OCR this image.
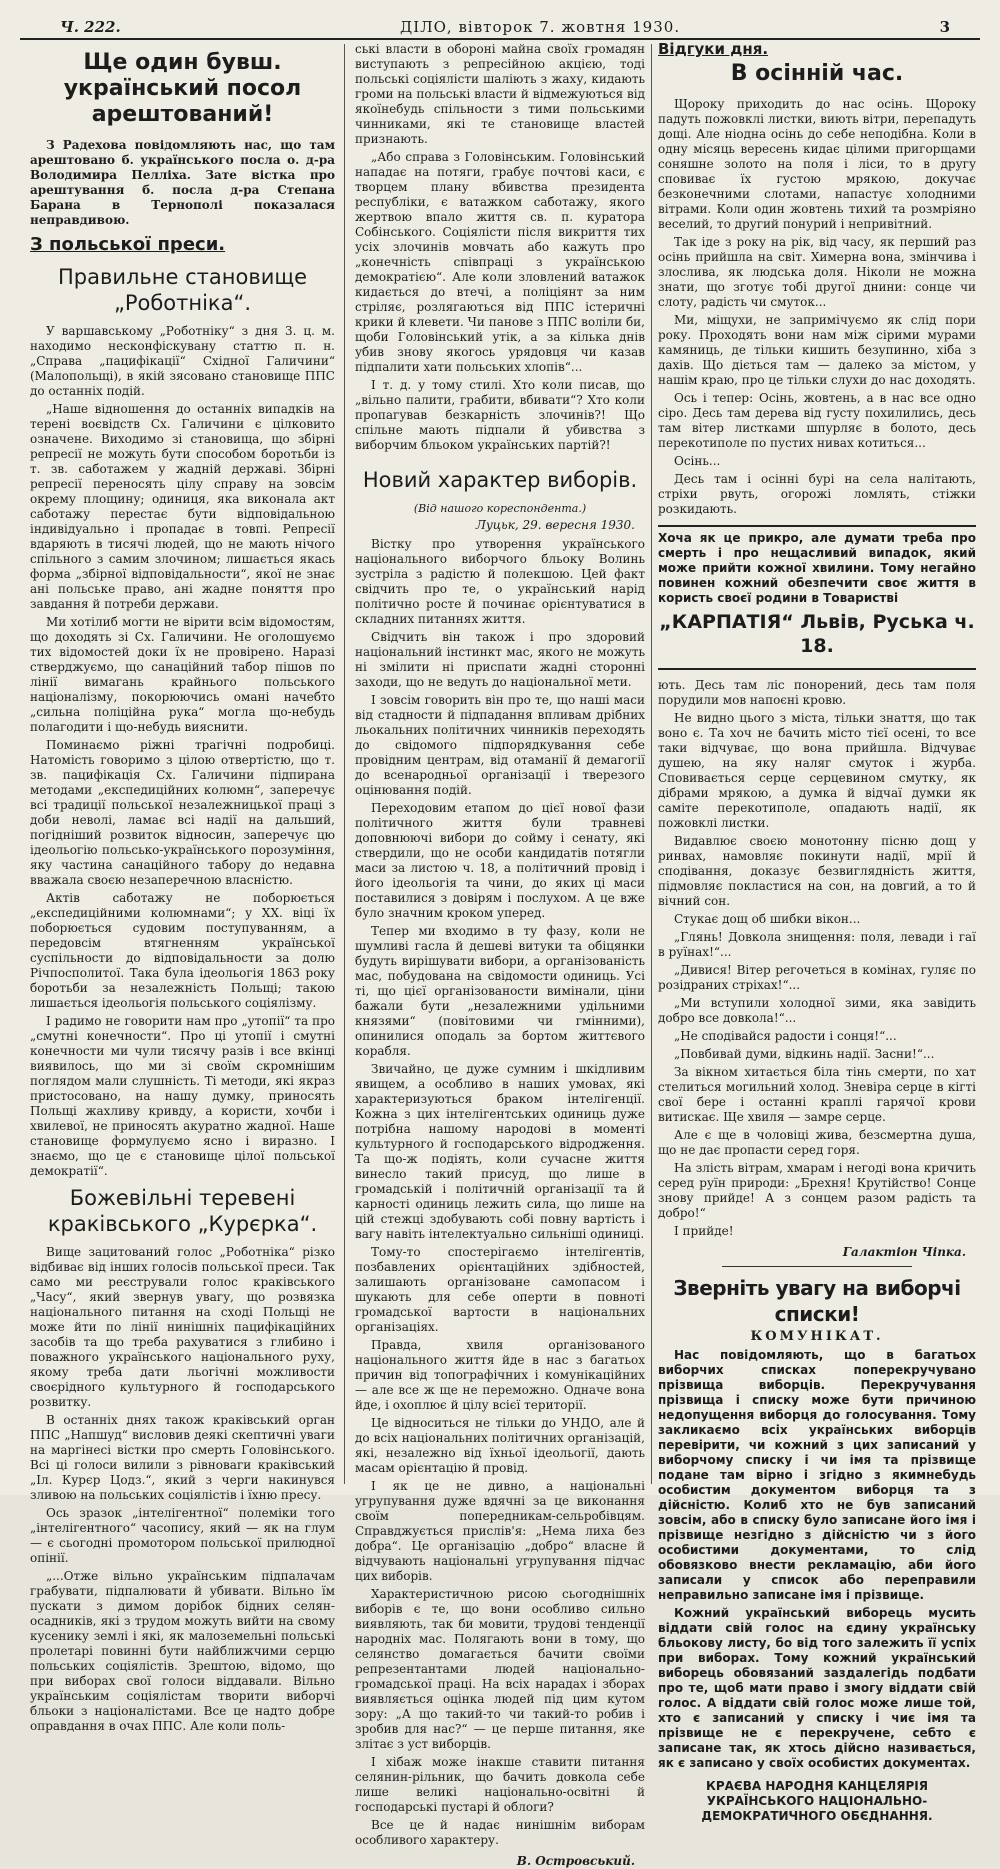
Ч. 222.	ДІЛО, вівторок 7. жовтня 1930.	3
Ще один бувш. український посол арештований!

З Радехова повідомляють нас, що там арештовано б. українського посла о. д-ра Володимира Пелліха. Зате вістка про арештування б. посла д-ра Степана Барана в Тернополі показалася неправдивою.

З польської преси.
Правильне становище „Роботніка“.

У варшавському „Роботніку“ з дня 3. ц. м. находимо несконфіскувану статтю п. н. „Справа „пацифікації“ Східної Галичини“ (Малопольщі), в якій зясовано становище ППС до останніх подій.

„Наше відношення до останніх випадків на терені воєвідств Сх. Галичини є цілковито означене. Виходимо зі становища, що збірні репресії не можуть бути способом боротьби із т. зв. саботажем у жадній державі. Збірні репресії переносять цілу справу на зовсім окрему площину; одиниця, яка виконала акт саботажу перестає бути відповідальною індивідуально і пропадає в товпі. Репресії вдаряють в тисячі людей, що не мають нічого спільного з самим злочином; лишається якась форма „збірної відповідальности“, якої не знає ані польське право, ані жадне поняття про завдання й потреби держави.

Ми хотілиб могти не вірити всім відомостям, що доходять зі Сх. Галичини. Не оголошуємо тих відомостей доки їх не провірено. Наразі стверджуємо, що санаційний табор пішов по лінії вимагань крайнього польського націоналізму, покорюючись омані начебто „сильна поліційна рука“ могла що-небудь полагодити і що-небудь вияснити.

Поминаємо ріжні трагічні подробиці. Натомість говоримо з цілою отвертістю, що т. зв. пацифікація Сх. Галичини підпирана методами „експедиційних колюмн“, заперечує всі традиції польської незалежницької праці з доби неволі, ламає всі надії на дальший, погідніший розвиток відносин, заперечує цю ідеольогію польсько-українського порозуміння, яку частина санаційного табору до недавна вважала своєю незаперечною власністю.

Актів саботажу не поборюється „експедиційними колюмнами“; у XX. віці їх поборюється судовим поступуванням, а передовсім втягненням української суспільности до відповідальности за долю Річпосполитої. Така була ідеольогія 1863 року боротьби за незалежність Польщі; такою лишається ідеольогія польського соціялізму.

І радимо не говорити нам про „утопії“ та про „смутні конечности“. Про ці утопії і смутні конечности ми чули тисячу разів і все вкінці виявилось, що ми зі своїм скромнішим поглядом мали слушність. Ті методи, які якраз пристосовано, на нашу думку, приносять Польщі жахливу кривду, а користи, хочби і хвилевої, не приносять акуратно жадної. Наше становище формулуємо ясно і виразно. І знаємо, що це є становище цілої польської демократії“.

Божевільні теревені краківського „Курєрка“.

Вище зацитований голос „Роботніка“ різко відбиває від інших голосів польської преси. Так само ми реєстрували голос краківського „Часу“, який звернув увагу, що розвязка національного питання на сході Польщі не може йти по лінії нинішніх пацифікаційних засобів та що треба рахуватися з глибино і поважного українського національного руху, якому треба дати льогічні можливости своєрідного культурного й господарського розвитку.

В останніх днях також краківський орган ППС „Напшуд“ висловив деякі скептичні уваги на маргінесі вістки про смерть Головінського. Всі ці голоси вилили з рівноваги краківський „Іл. Курєр Цодз.“, який з черги накинувся зливою на польських соціялістів і їхню пресу.

Ось зразок „інтелігентної“ полеміки того „інтелігентного“ часопису, який — як на глум — є сьогодні промотором польської прилюдної опінії.

„...Отже вільно українським підпалачам грабувати, підпалювати й убивати. Вільно їм пускати з димом дорібок бідних селян-осадників, які з трудом можуть вийти на свому кусенику землі і які, як малоземельні польські пролетарі повинні бути найближчими серцю польських соціялістів. Зрештою, відомо, що при виборах свої голоси віддавали. Вільно українським соціялістам творити виборчі бльоки з націоналістами. Все це надто добре оправдання в очах ППС. Але коли поль-

ські власти в обороні майна своїх громадян виступають з репресійною акцією, тоді польські соціялісти шаліють з жаху, кидають громи на польські власти й відмежуються від якоїнебудь спільности з тими польськими чинниками, які те становище властей признають.

„Або справа з Головінським. Головінський нападає на потяги, грабує почтові каси, є творцем плану вбивства президента республіки, є ватажком саботажу, якого жертвою впало життя св. п. куратора Собінського. Соціялісти після викриття тих усіх злочинів мовчать або кажуть про „конечність співпраці з українською демократією“. Але коли зловлений ватажок кидається до втечі, а поліціянт за ним стріляє, розлягаються від ППС істеричні крики й клевети. Чи панове з ППС воліли би, щоби Головінський утік, а за кілька днів убив знову якогось урядовця чи казав підпалити хати польських хлопів“...

І т. д. у тому стилі. Хто коли писав, що „вільно палити, грабити, вбивати“? Хто коли пропагував безкарність злочинів?! Що спільне мають підпали й убивства з виборчим бльоком українських партій?!

Новий характер виборів.
(Від нашого кореспондента.)
Луцьк, 29. вересня 1930.

Вістку про утворення українського національного виборчого бльоку Волинь зустріла з радістю й полекшою. Цей факт свідчить про те, о український нарід політично росте й починає орієнтуватися в складних питаннях життя.

Свідчить він також і про здоровий національний інстинкт мас, якого не можуть ні змілити ні приспати жадні сторонні заходи, що не ведуть до національної мети.

І зовсім говорить він про те, що наші маси від стадности й підпадання впливам дрібних льокальних політичних чинників переходять до свідомого підпорядкування себе провідним центрам, від отаманії й демагогії до всенародньої організації і тверезого оцінювання подій.

Переходовим етапом до цієї нової фази політичного життя були травневі доповнюючі вибори до сойму і сенату, які ствердили, що не особи кандидатів потягли маси за листою ч. 18, а політичний провід і його ідеольогія та чини, до яких ці маси поставилися з довірям і послухом. А це вже було значним кроком уперед.

Тепер ми входимо в ту фазу, коли не шумливі гасла й дешеві витуки та обіцянки будуть вирішувати вибори, а організованість мас, побудована на свідомости одиниць. Усі ті, що цієї організованости вимінали, ціни бажали бути „незалежними удільними князями“ (повітовими чи гмінними), опинилися оподаль за бортом життєвого корабля.

Звичайно, це дуже сумним і шкідливим явищем, а особливо в наших умовах, які характеризуються браком інтелігенції. Кожна з цих інтелігентських одиниць дуже потрібна нашому народові в моменті культурного й господарського відродження. Та що-ж подіять, коли сучасне життя винесло такий присуд, що лише в громадській і політичній організації та й карності одиниць лежить сила, що лише на цій стежці здобувають собі повну вартість і вагу навіть інтелектуально сильніші одиниці.

Тому-то спостерігаємо інтелігентів, позбавлених орієнтаційних здібностей, залишають організоване самопасом і шукають для себе оперти в повноті громадської вартости в національних організаціях.

Правда, хвиля організованого національного життя йде в нас з багатьох причин від топографічних і комунікаційних — але все ж ще не переможно. Одначе вона йде, і охоплює й цілу всієї території.

Це відноситься не тільки до УНДО, але й до всіх національних політичних організацій, які, незалежно від їхньої ідеольогії, дають масам орієнтацію й провід.

І як це не дивно, а національні угрупування дуже вдячні за це виконання своїм попередникам-сельробівцям. Справджується прислів'я: „Нема лиха без добра“. Це організацію „добро“ власне й відчувають національні угрупування підчас цих виборів.

Характеристичною рисою сьогоднішніх виборів є те, що вони особливо сильно виявляють, так би мовити, трудові тенденції народніх мас. Полягають вони в тому, що селянство домагається бачити своїми репрезентантами людей національно-громадської праці. На всіх нарадах і зборах виявляється оцінка людей під цим кутом зору: „А що такий-то чи такий-то робив і зробив для нас?“ — це перше питання, яке злітає з уст виборців.

І хібаж може інакше ставити питання селянин-рільник, що бачить довкола себе лише великі національно-освітні й господарські пустарі й облоги?

Все це й надає нинішнім виборам особливого характеру.

В. Островський.
Відгуки дня.
В осінній час.

Щороку приходить до нас осінь. Щороку падуть пожовклі листки, виють вітри, перепадуть дощі. Але ніодна осінь до себе неподібна. Коли в одну місяць вересень кидає цілими пригорщами соняшне золото на поля і ліси, то в другу сповиває їх густою мрякою, докучає безконечними слотами, напастує холодними вітрами. Коли один жовтень тихий та розмріяно веселий, то другий понурий і непривітний.

Так іде з року на рік, від часу, як перший раз осінь прийшла на світ. Химерна вона, змінчива і злослива, як людська доля. Ніколи не можна знати, що зготує тобі другої днини: сонце чи слоту, радість чи смуток...

Ми, міщухи, не запримічуємо як слід пори року. Проходять вони нам між сірими мурами камяниць, де тільки кишить безупинно, хіба з дахів. Що діється там — далеко за містом, у нашім краю, про це тільки слухи до нас доходять.

Ось і тепер: Осінь, жовтень, а в нас все одно сіро. Десь там дерева від густу похилились, десь там вітер листками шпурляє в болото, десь перекотиполе по пустих нивах котиться...

Осінь...

Десь там і осінні бурі на села налітають, стріхи рвуть, огорожі ломлять, стіжки розкидають.

Хоча як це прикро, але думати треба про смерть і про нещасливий випадок, який може прийти кожної хвилини. Тому негайно повинен кожний обезпечити своє життя в користь своєї родини в Товаристві
„КАРПАТІЯ“ Львів, Руська ч. 18.

ють. Десь там ліс понорений, десь там поля порудили мов напоєні кровю.

Не видно цього з міста, тільки знаття, що так воно є. Та хоч не бачить місто тієї осені, то все таки відчуває, що вона прийшла. Відчуває душею, на яку наляг смуток і журба. Сповивається серце серцевином смутку, як дібрами мрякою, а думка й відчаї думки як саміте перекотиполе, опадають надії, як пожовклі листки.

Видавлює своєю монотонну пісню дощ у ринвах, намовляє покинути надії, мрії й сподівання, доказує безвиглядність життя, підмовляє покластися на сон, на довгий, а то й вічний сон.

Стукає дощ об шибки вікон...

„Глянь! Довкола знищення: поля, левади і гаї в руїнах!“...

„Дивися! Вітер регочеться в комінах, гуляє по розідраних стріхах!“...

„Ми вступили холодної зими, яка завідить добро все довкола!“...

„Не сподівайся радости і сонця!“...

„Повбивай думи, відкинь надії. Засни!“...

За вікном хитається біла тінь смерти, по хат стелиться могильний холод. Зневіра серце в кігті свої бере і останні краплі гарячої крови витискає. Ще хвиля — замре серце.

Але є ще в чоловіці жива, безсмертна душа, що не дає пропасти серед горя.

На злість вітрам, хмарам і негоді вона кричить серед руїн природи: „Брехня! Крутійство! Сонце знову прийде! А з сонцем разом радість та добро!“

І прийде!

Галактіон Чіпка.
Зверніть увагу на виборчі списки!
КОМУНІКАТ.

Нас повідомляють, що в багатьох виборчих списках поперекручувано прізвища виборців. Перекручування прізвища і списку може бути причиною недопущення виборця до голосування. Тому закликаємо всіх українських виборців перевірити, чи кожний з цих записаний у виборчому списку і чи імя та прізвище подане там вірно і згідно з якимнебудь особистим документом виборця та з дійсністю. Колиб хто не був записаний зовсім, або в списку було записане його імя і прізвище незгідно з дійсністю чи з його особистими документами, то слід обовязково внести рекламацію, аби його записали у список або переправили неправильно записане імя і прізвище.

Кожний український виборець мусить віддати свій голос на єдину українську бльокову листу, бо від того залежить її успіх при виборах. Тому кожний український виборець обовязаний заздалегідь подбати про те, щоб мати право і змогу віддати свій голос. А віддати свій голос може лише той, хто є записаний у списку і чиє імя та прізвище не є перекручене, себто є записане так, як хтось дійсно називається, як є записано у своїх особистих документах.

КРАЄВА НАРОДНЯ КАНЦЕЛЯРІЯ УКРАЇНСЬКОГО НАЦІОНАЛЬНО-ДЕМОКРАТИЧНОГО ОБЄДНАННЯ.
